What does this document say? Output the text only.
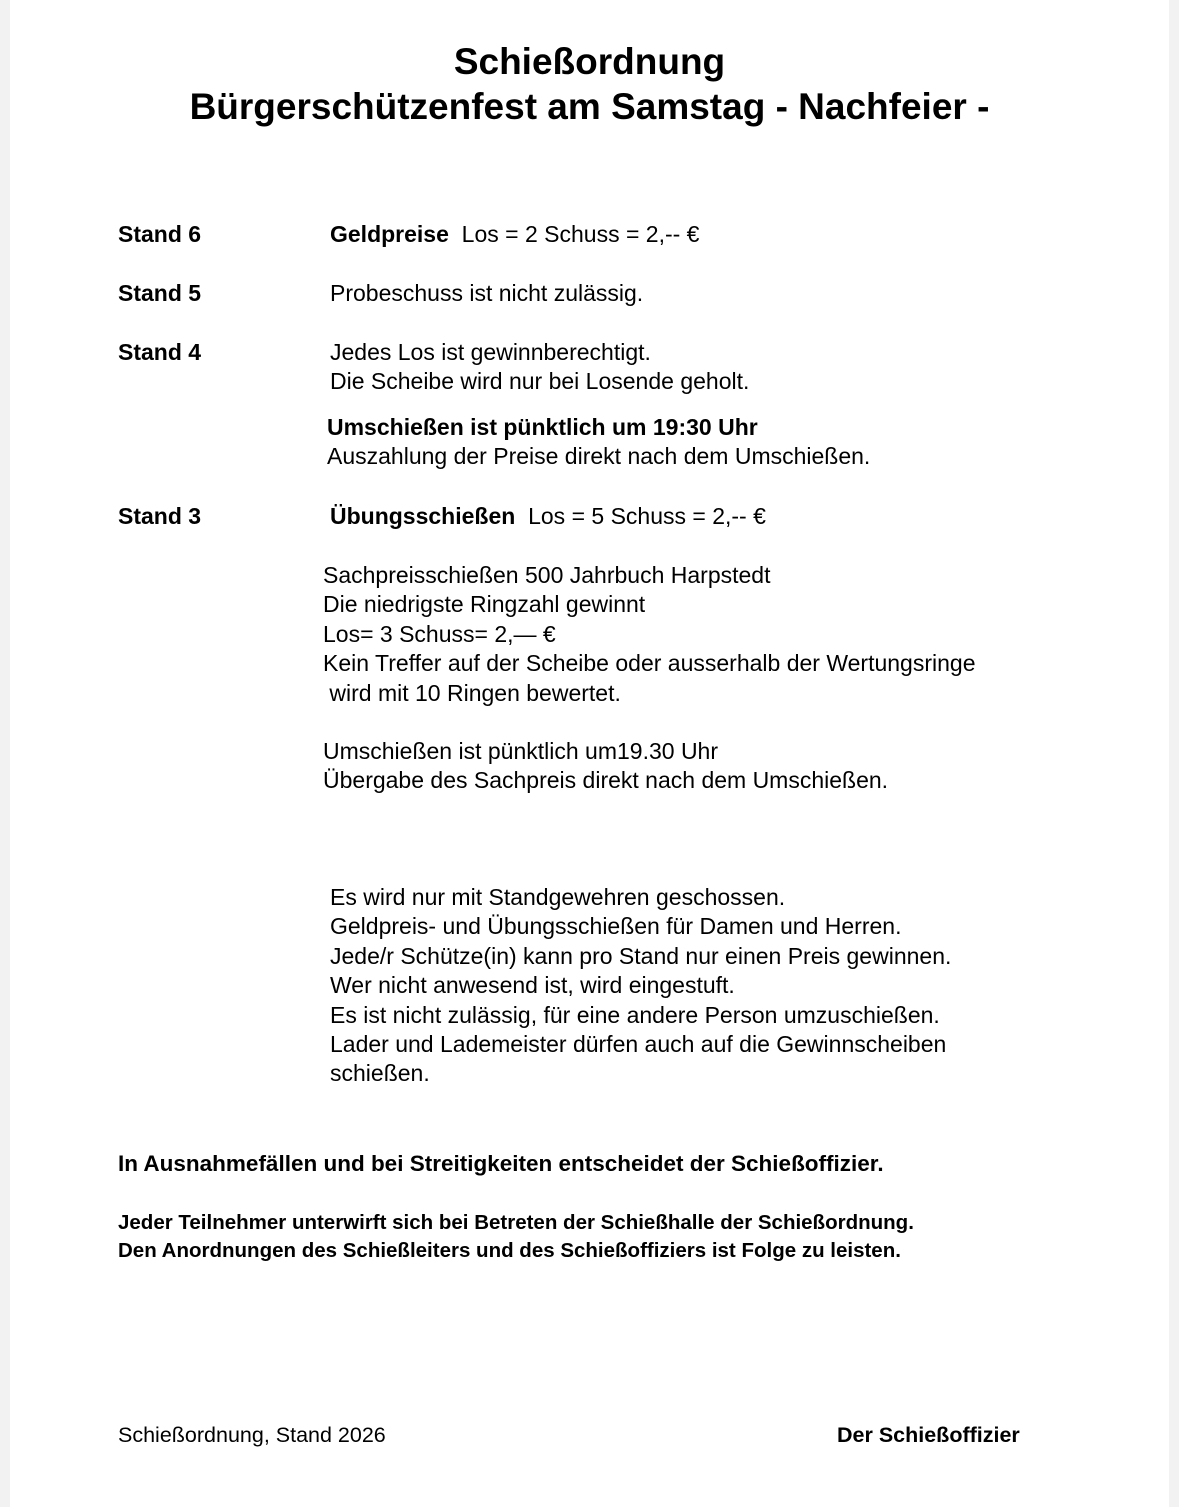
Schießordnung
Bürgerschützenfest am Samstag - Nachfeier -
Stand 6	Geldpreise Los = 2 Schuss = 2,-- €
Stand 5	Probeschuss ist nicht zulässig.
Stand 4	Jedes Los ist gewinnberechtigt.
Die Scheibe wird nur bei Losende geholt.
Umschießen ist pünktlich um 19:30 Uhr
Auszahlung der Preise direkt nach dem Umschießen.
Stand 3	Übungsschießen Los = 5 Schuss = 2,-- €
Sachpreisschießen 500 Jahrbuch Harpstedt
Die niedrigste Ringzahl gewinnt
Los= 3 Schuss= 2,— €
Kein Treffer auf der Scheibe oder ausserhalb der Wertungsringe
wird mit 10 Ringen bewertet.
Umschießen ist pünktlich um19.30 Uhr
Übergabe des Sachpreis direkt nach dem Umschießen.
Es wird nur mit Standgewehren geschossen.
Geldpreis- und Übungsschießen für Damen und Herren.
Jede/r Schütze(in) kann pro Stand nur einen Preis gewinnen.
Wer nicht anwesend ist, wird eingestuft.
Es ist nicht zulässig, für eine andere Person umzuschießen.
Lader und Lademeister dürfen auch auf die Gewinnscheiben
schießen.
In Ausnahmefällen und bei Streitigkeiten entscheidet der Schießoffizier.
Jeder Teilnehmer unterwirft sich bei Betreten der Schießhalle der Schießordnung.
Den Anordnungen des Schießleiters und des Schießoffiziers ist Folge zu leisten.
Schießordnung, Stand 2026	Der Schießoffizier
